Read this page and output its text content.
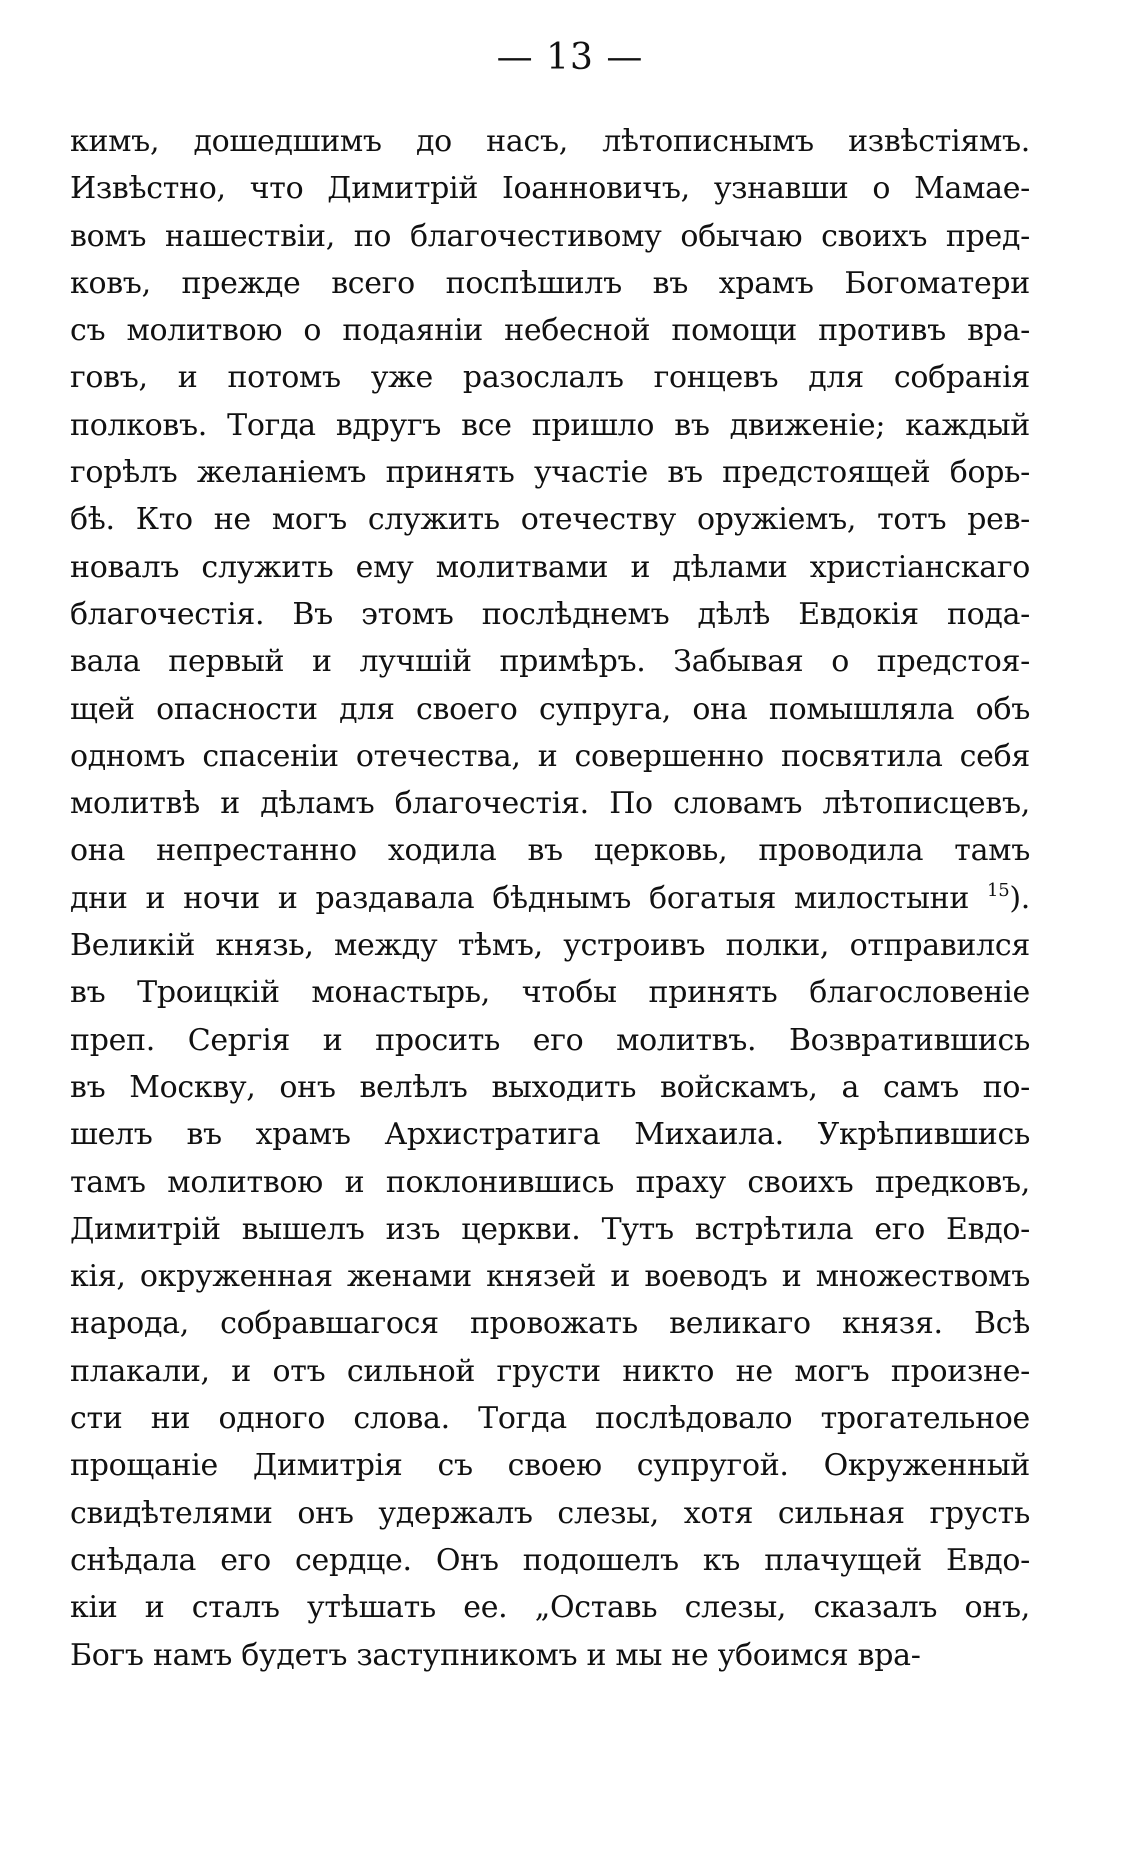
— 13 —
кимъ, дошедшимъ до насъ, лѣтописнымъ извѣстіямъ.
Извѣстно, что Димитрій Іоанновичъ, узнавши о Мамае-
вомъ нашествіи, по благочестивому обычаю своихъ пред-
ковъ, прежде всего поспѣшилъ въ храмъ Богоматери
съ молитвою о подаяніи небесной помощи противъ вра-
говъ, и потомъ уже разослалъ гонцевъ для собранія
полковъ. Тогда вдругъ все пришло въ движеніе; каждый
горѣлъ желаніемъ принять участіе въ предстоящей борь-
бѣ. Кто не могъ служить отечеству оружіемъ, тотъ рев-
новалъ служить ему молитвами и дѣлами христіанскаго
благочестія. Въ этомъ послѣднемъ дѣлѣ Евдокія пода-
вала первый и лучшій примѣръ. Забывая о предстоя-
щей опасности для своего супруга, она помышляла объ
одномъ спасеніи отечества, и совершенно посвятила себя
молитвѣ и дѣламъ благочестія. По словамъ лѣтописцевъ,
она непрестанно ходила въ церковь, проводила тамъ
дни и ночи и раздавала бѣднымъ богатыя милостыни $^{15}$).
Великій князь, между тѣмъ, устроивъ полки, отправился
въ Троицкій монастырь, чтобы принять благословеніе
преп. Сергія и просить его молитвъ. Возвратившись
въ Москву, онъ велѣлъ выходить войскамъ, а самъ по-
шелъ въ храмъ Архистратига Михаила. Укрѣпившись
тамъ молитвою и поклонившись праху своихъ предковъ,
Димитрій вышелъ изъ церкви. Тутъ встрѣтила его Евдо-
кія, окруженная женами князей и воеводъ и множествомъ
народа, собравшагося провожать великаго князя. Всѣ
плакали, и отъ сильной грусти никто не могъ произне-
сти ни одного слова. Тогда послѣдовало трогательное
прощаніе Димитрія съ своею супругой. Окруженный
свидѣтелями онъ удержалъ слезы, хотя сильная грусть
снѣдала его сердце. Онъ подошелъ къ плачущей Евдо-
кіи и сталъ утѣшать ее. „Оставь слезы, сказалъ онъ,
Богъ намъ будетъ заступникомъ и мы не убоимся вра-
